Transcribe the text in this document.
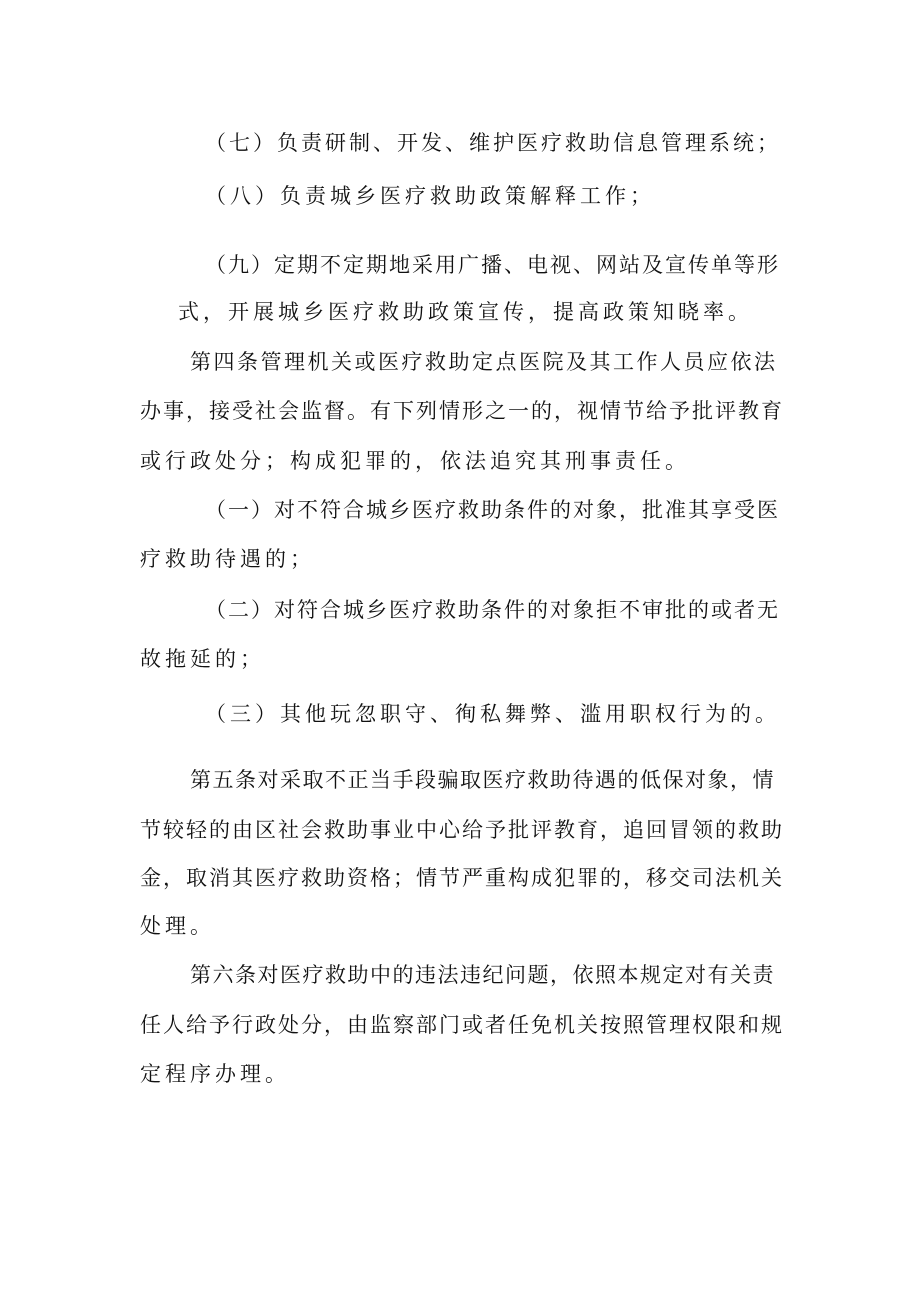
（七）负责研制、开发、维护医疗救助信息管理系统；
（八）负责城乡医疗救助政策解释工作；
（九）定期不定期地采用广播、电视、网站及宣传单等形
式，开展城乡医疗救助政策宣传，提高政策知晓率。
第四条管理机关或医疗救助定点医院及其工作人员应依法
办事，接受社会监督。有下列情形之一的，视情节给予批评教育
或行政处分；构成犯罪的，依法追究其刑事责任。
（一）对不符合城乡医疗救助条件的对象，批准其享受医
疗救助待遇的；
（二）对符合城乡医疗救助条件的对象拒不审批的或者无
故拖延的；
（三）其他玩忽职守、徇私舞弊、滥用职权行为的。
第五条对采取不正当手段骗取医疗救助待遇的低保对象，情
节较轻的由区社会救助事业中心给予批评教育，追回冒领的救助
金，取消其医疗救助资格；情节严重构成犯罪的，移交司法机关
处理。
第六条对医疗救助中的违法违纪问题，依照本规定对有关责
任人给予行政处分，由监察部门或者任免机关按照管理权限和规
定程序办理。
